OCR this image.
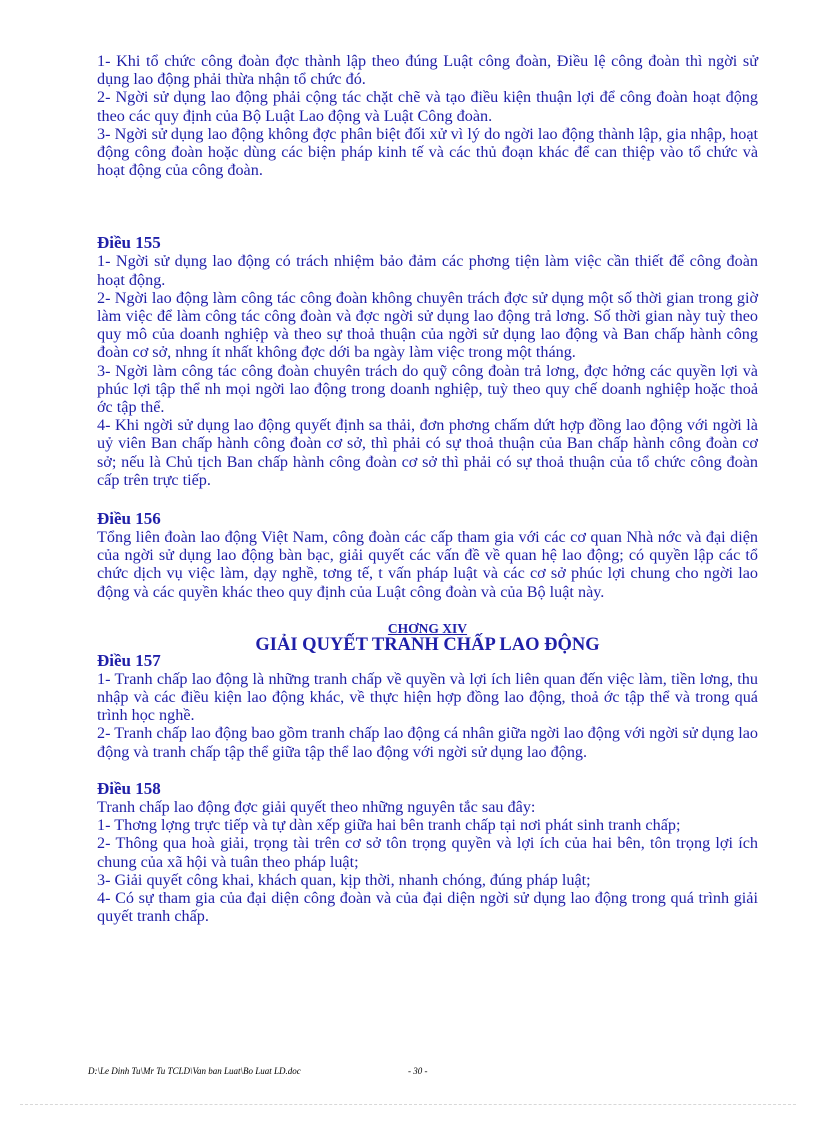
1- Khi tổ chức công đoàn đợc thành lập theo đúng Luật công đoàn, Điều lệ công đoàn thì ngời sử dụng lao động phải thừa nhận tổ chức đó.

2- Ngời sử dụng lao động phải cộng tác chặt chẽ và tạo điều kiện thuận lợi để công đoàn hoạt động theo các quy định của Bộ Luật Lao động và Luật Công đoàn.

3- Ngời sử dụng lao động không đợc phân biệt đối xử vì lý do ngời lao động thành lập, gia nhập, hoạt động công đoàn hoặc dùng các biện pháp kinh tế và các thủ đoạn khác để can thiệp vào tổ chức và hoạt động của công đoàn.

Điều 155

1- Ngời sử dụng lao động có trách nhiệm bảo đảm các phơng tiện làm việc cần thiết để công đoàn hoạt động.

2- Ngời lao động làm công tác công đoàn không chuyên trách đợc sử dụng một số thời gian trong giờ làm việc để làm công tác công đoàn và đợc ngời sử dụng lao động trả lơng. Số thời gian này tuỳ theo quy mô của doanh nghiệp và theo sự thoả thuận của ngời sử dụng lao động và Ban chấp hành công đoàn cơ sở, nhng ít nhất không đợc dới ba ngày làm việc trong một tháng.

3- Ngời làm công tác công đoàn chuyên trách do quỹ công đoàn trả lơng, đợc hởng các quyền lợi và phúc lợi tập thể nh mọi ngời lao động trong doanh nghiệp, tuỳ theo quy chế doanh nghiệp hoặc thoả ớc tập thể.

4- Khi ngời sử dụng lao động quyết định sa thải, đơn phơng chấm dứt hợp đồng lao động với ngời là uỷ viên Ban chấp hành công đoàn cơ sở, thì phải có sự thoả thuận của Ban chấp hành công đoàn cơ sở; nếu là Chủ tịch Ban chấp hành công đoàn cơ sở thì phải có sự thoả thuận của tổ chức công đoàn cấp trên trực tiếp.

Điều 156

Tổng liên đoàn lao động Việt Nam, công đoàn các cấp tham gia với các cơ quan Nhà nớc và đại diện của ngời sử dụng lao động bàn bạc, giải quyết các vấn đề về quan hệ lao động; có quyền lập các tổ chức dịch vụ việc làm, dạy nghề, tơng tế, t vấn pháp luật và các cơ sở phúc lợi chung cho ngời lao động và các quyền khác theo quy định của Luật công đoàn và của Bộ luật này.

CHƠNG XIV
GIẢI QUYẾT TRANH CHẤP LAO ĐỘNG

Điều 157

1- Tranh chấp lao động là những tranh chấp về quyền và lợi ích liên quan đến việc làm, tiền lơng, thu nhập và các điều kiện lao động khác, về thực hiện hợp đồng lao động, thoả ớc tập thể và trong quá trình học nghề.

2- Tranh chấp lao động bao gồm tranh chấp lao động cá nhân giữa ngời lao động với ngời sử dụng lao động và tranh chấp tập thể giữa tập thể lao động với ngời sử dụng lao động.

Điều 158

Tranh chấp lao động đợc giải quyết theo những nguyên tắc sau đây:

1- Thơng lợng trực tiếp và tự dàn xếp giữa hai bên tranh chấp tại nơi phát sinh tranh chấp;

2- Thông qua hoà giải, trọng tài trên cơ sở tôn trọng quyền và lợi ích của hai bên, tôn trọng lợi ích chung của xã hội và tuân theo pháp luật;

3- Giải quyết công khai, khách quan, kịp thời, nhanh chóng, đúng pháp luật;

4- Có sự tham gia của đại diện công đoàn và của đại diện ngời sử dụng lao động trong quá trình giải quyết tranh chấp.

D:\Le Dinh Tu\Mr Tu TCLD\Van ban Luat\Bo Luat LD.doc	- 30 -
